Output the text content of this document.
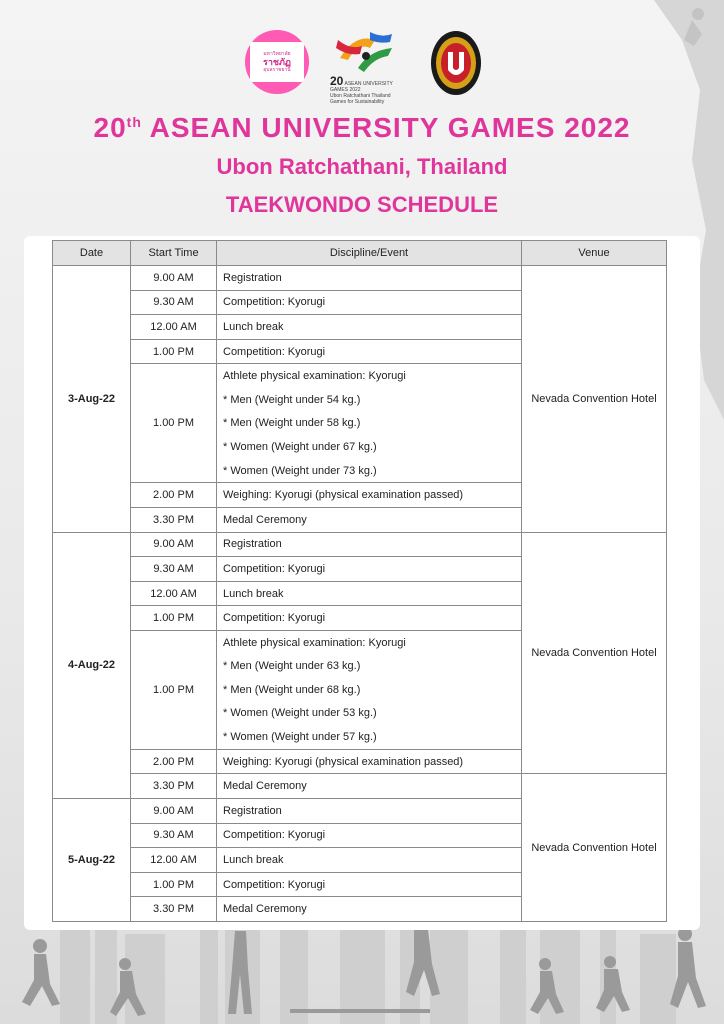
มหาวิทยาลัย
ราชภัฏ
อุบลราชธานี
20 ASEAN UNIVERSITY GAMES 2022
Ubon Ratchathani Thailand
Games for Sustainability

20th ASEAN UNIVERSITY GAMES 2022

Ubon Ratchathani, Thailand

TAEKWONDO SCHEDULE

Date	Start Time	Discipline/Event	Venue
3-Aug-22	9.00 AM	Registration	Nevada Convention Hotel
	9.30 AM	Competition: Kyorugi	
	12.00 AM	Lunch break	
	1.00 PM	Competition: Kyorugi	
	1.00 PM	Athlete physical examination: Kyorugi	
		* Men (Weight under 54 kg.)	
		* Men (Weight under 58 kg.)	
		* Women (Weight under 67 kg.)	
		* Women (Weight under 73 kg.)	
	2.00 PM	Weighing: Kyorugi (physical examination passed)	
	3.30 PM	Medal Ceremony	
4-Aug-22	9.00 AM	Registration	Nevada Convention Hotel
	9.30 AM	Competition: Kyorugi	
	12.00 AM	Lunch break	
	1.00 PM	Competition: Kyorugi	
	1.00 PM	Athlete physical examination: Kyorugi	
		* Men (Weight under 63 kg.)	
		* Men (Weight under 68 kg.)	
		* Women (Weight under 53 kg.)	
		* Women (Weight under 57 kg.)	
	2.00 PM	Weighing: Kyorugi (physical examination passed)	
	3.30 PM	Medal Ceremony	Nevada Convention Hotel
5-Aug-22	9.00 AM	Registration	
	9.30 AM	Competition: Kyorugi	
	12.00 AM	Lunch break	
	1.00 PM	Competition: Kyorugi	
	3.30 PM	Medal Ceremony	
